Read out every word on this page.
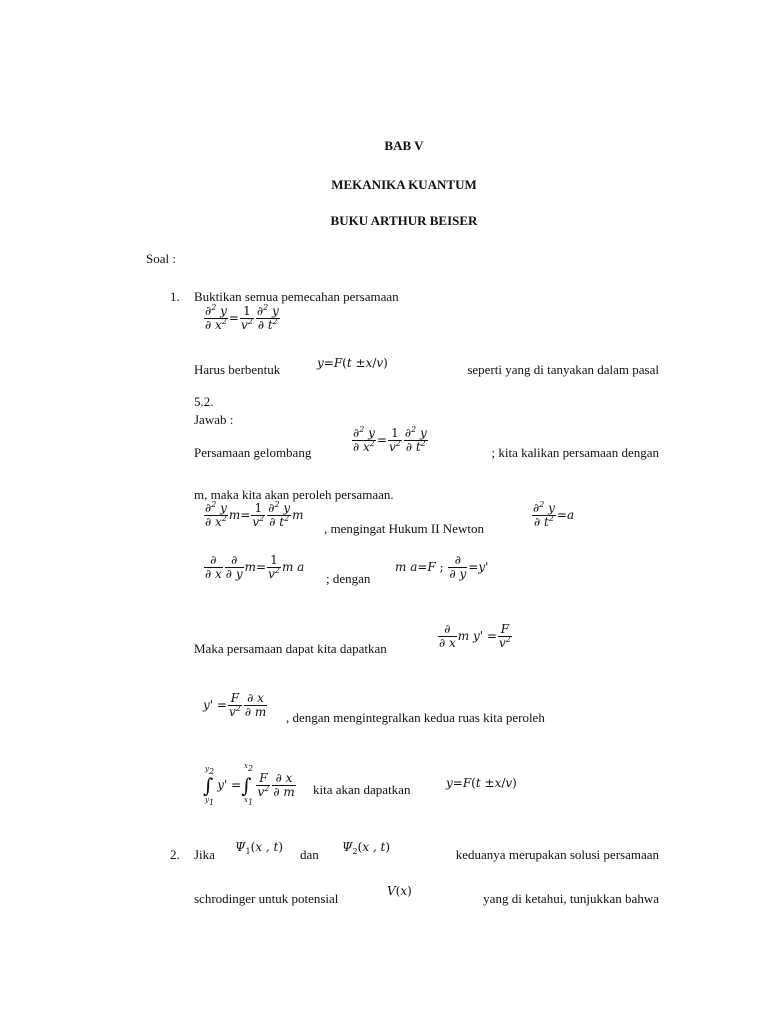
BAB V
MEKANIKA KUANTUM
BUKU ARTHUR BEISER
Soal :
1. Buktikan semua pemecahan persamaan
$\frac{\partial^2 y}{\partial x^2} = \frac{1}{v^2} \frac{\partial^2 y}{\partial t^2}$
Harus berbentuk	y=F(t ±x/v)	seperti yang di tanyakan dalam pasal
5.2.
Jawab :
Persamaan gelombang	$\frac{\partial^2 y}{\partial x^2} = \frac{1}{v^2} \frac{\partial^2 y}{\partial t^2}$	; kita kalikan persamaan dengan
m, maka kita akan peroleh persamaan.
$\frac{\partial^2 y}{\partial x^2} m= \frac{1}{v^2} \frac{\partial^2 y}{\partial t^2}$ m
, mengingat Hukum II Newton	$\frac{\partial^2 y}{\partial t^2} =a$
$\frac{\partial}{\partial x} \frac{\partial}{\partial y} m= \frac{1}{v^2}$ m a
; dengan
m a=F ; $\frac{\partial}{\partial y} =y'$
Maka persamaan dapat kita dapatkan	$\frac{\partial}{\partial x}$ m $y' = \frac{F}{v^2}$
$y' = \frac{F}{v^2} \frac{\partial x}{\partial m}$ , dengan mengintegralkan kedua ruas kita peroleh
$y_2$
$y_1$
$x_2$
$x_1$
∫ y' =∫ $\frac{F}{v^2} \frac{\partial x}{\partial m}$ kita akan dapatkan	y=F(t ±x/v)
2. Jika $\Psi_1(x$ , t) dan $\Psi_2(x$ , t)	keduanya merupakan solusi persamaan
schrodinger untuk potensial	V(x)	yang di ketahui, tunjukkan bahwa
